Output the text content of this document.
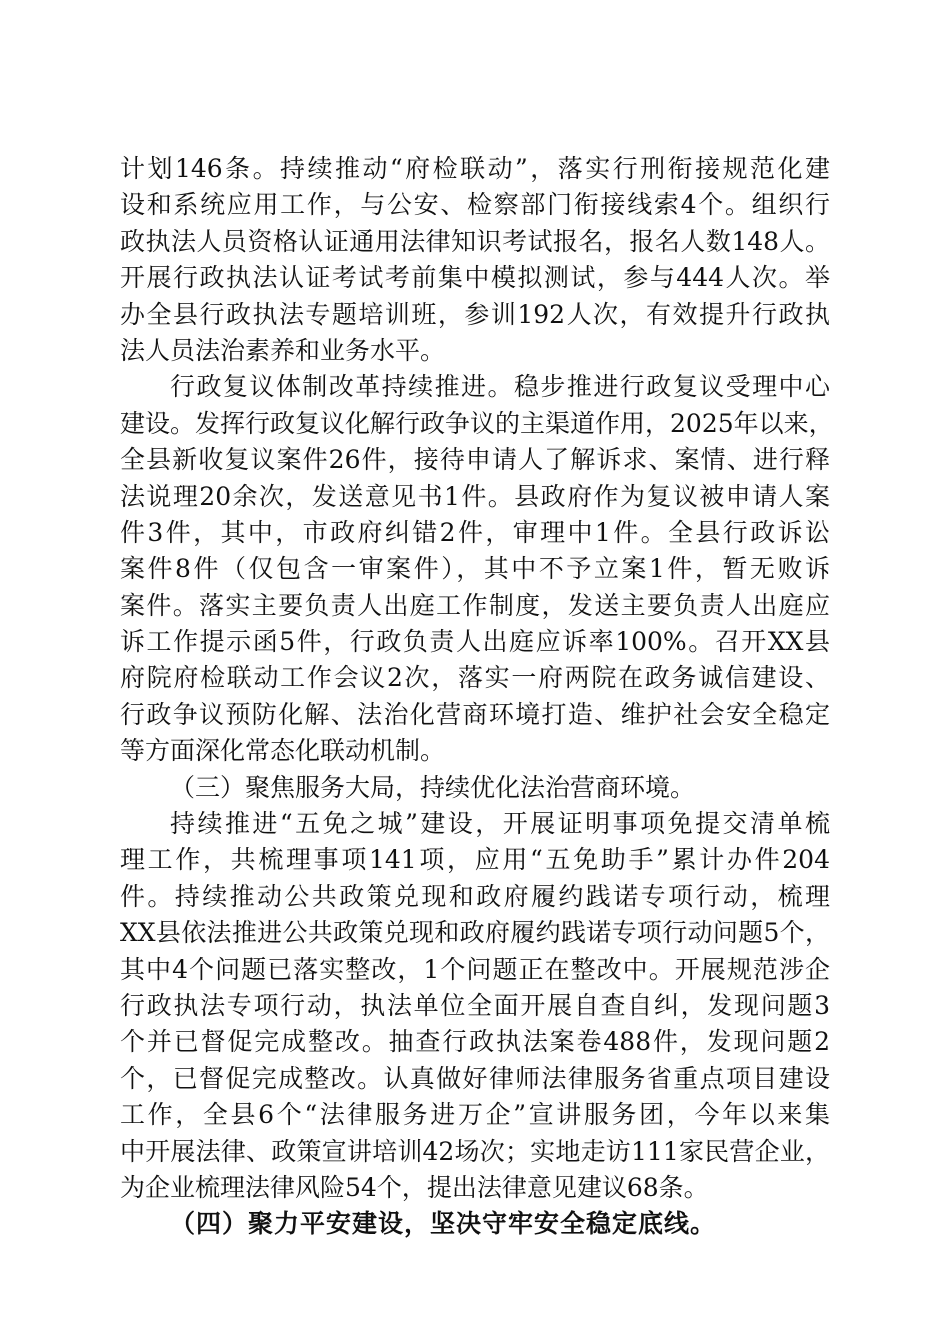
计划146条。持续推动“府检联动”，落实行刑衔接规范化建
设和系统应用工作，与公安、检察部门衔接线索4个。组织行
政执法人员资格认证通用法律知识考试报名，报名人数148人。
开展行政执法认证考试考前集中模拟测试，参与444人次。举
办全县行政执法专题培训班，参训192人次，有效提升行政执
法人员法治素养和业务水平。
行政复议体制改革持续推进。稳步推进行政复议受理中心
建设。发挥行政复议化解行政争议的主渠道作用，2025年以来，
全县新收复议案件26件，接待申请人了解诉求、案情、进行释
法说理20余次，发送意见书1件。县政府作为复议被申请人案
件3件，其中，市政府纠错2件，审理中1件。全县行政诉讼
案件8件（仅包含一审案件），其中不予立案1件，暂无败诉
案件。落实主要负责人出庭工作制度，发送主要负责人出庭应
诉工作提示函5件，行政负责人出庭应诉率100%。召开XX县
府院府检联动工作会议2次，落实一府两院在政务诚信建设、
行政争议预防化解、法治化营商环境打造、维护社会安全稳定
等方面深化常态化联动机制。
（三）聚焦服务大局，持续优化法治营商环境。
持续推进“五免之城”建设，开展证明事项免提交清单梳
理工作，共梳理事项141项，应用“五免助手”累计办件204
件。持续推动公共政策兑现和政府履约践诺专项行动，梳理
XX县依法推进公共政策兑现和政府履约践诺专项行动问题5个，
其中4个问题已落实整改，1个问题正在整改中。开展规范涉企
行政执法专项行动，执法单位全面开展自查自纠，发现问题3
个并已督促完成整改。抽查行政执法案卷488件，发现问题2
个，已督促完成整改。认真做好律师法律服务省重点项目建设
工作，全县6个“法律服务进万企”宣讲服务团，今年以来集
中开展法律、政策宣讲培训42场次；实地走访111家民营企业，
为企业梳理法律风险54个，提出法律意见建议68条。
（四）聚力平安建设，坚决守牢安全稳定底线。
